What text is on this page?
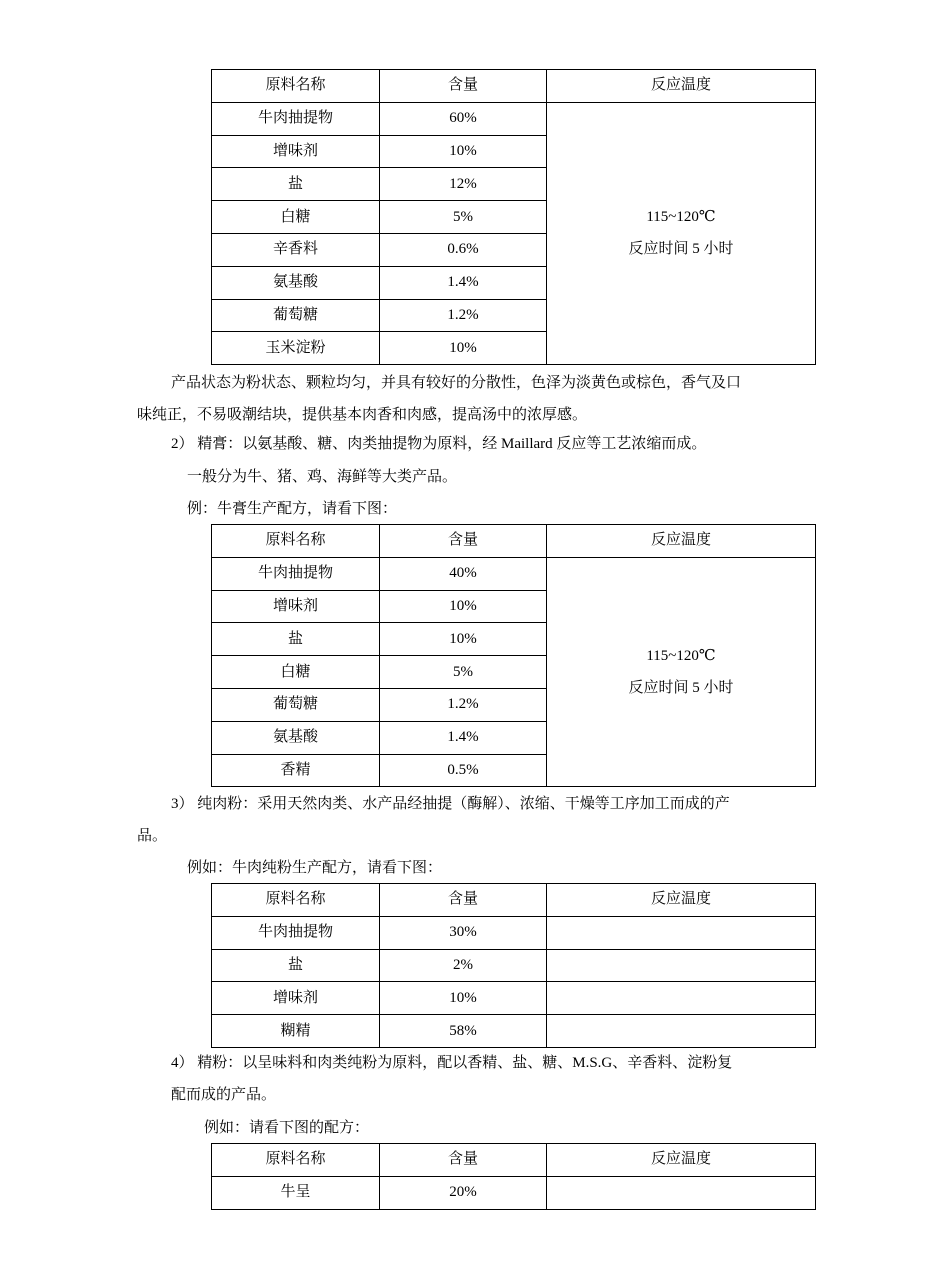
原料名称	含量	反应温度
牛肉抽提物	60%	115~120℃
反应时间 5 小时

增味剂	10%	
盐	12%	
白糖	5%	
辛香料	0.6%	
氨基酸	1.4%	
葡萄糖	1.2%	
玉米淀粉	10%	

产品状态为粉状态、颗粒均匀，并具有较好的分散性，色泽为淡黄色或棕色，香气及口

味纯正，不易吸潮结块，提供基本肉香和肉感，提高汤中的浓厚感。

2） 精膏：以氨基酸、糖、肉类抽提物为原料，经 Maillard 反应等工艺浓缩而成。

一般分为牛、猪、鸡、海鲜等大类产品。

例：牛膏生产配方，请看下图：

原料名称	含量	反应温度
牛肉抽提物	40%	115~120℃
反应时间 5 小时

增味剂	10%	
盐	10%	
白糖	5%	
葡萄糖	1.2%	
氨基酸	1.4%	
香精	0.5%	

3） 纯肉粉：采用天然肉类、水产品经抽提（酶解）、浓缩、干燥等工序加工而成的产

品。

例如：牛肉纯粉生产配方，请看下图：

原料名称	含量	反应温度
牛肉抽提物	30%	
盐	2%	
增味剂	10%	
糊精	58%	

4） 精粉：以呈味料和肉类纯粉为原料，配以香精、盐、糖、M.S.G、辛香料、淀粉复

配而成的产品。

例如：请看下图的配方：

原料名称	含量	反应温度
牛呈	20%	
